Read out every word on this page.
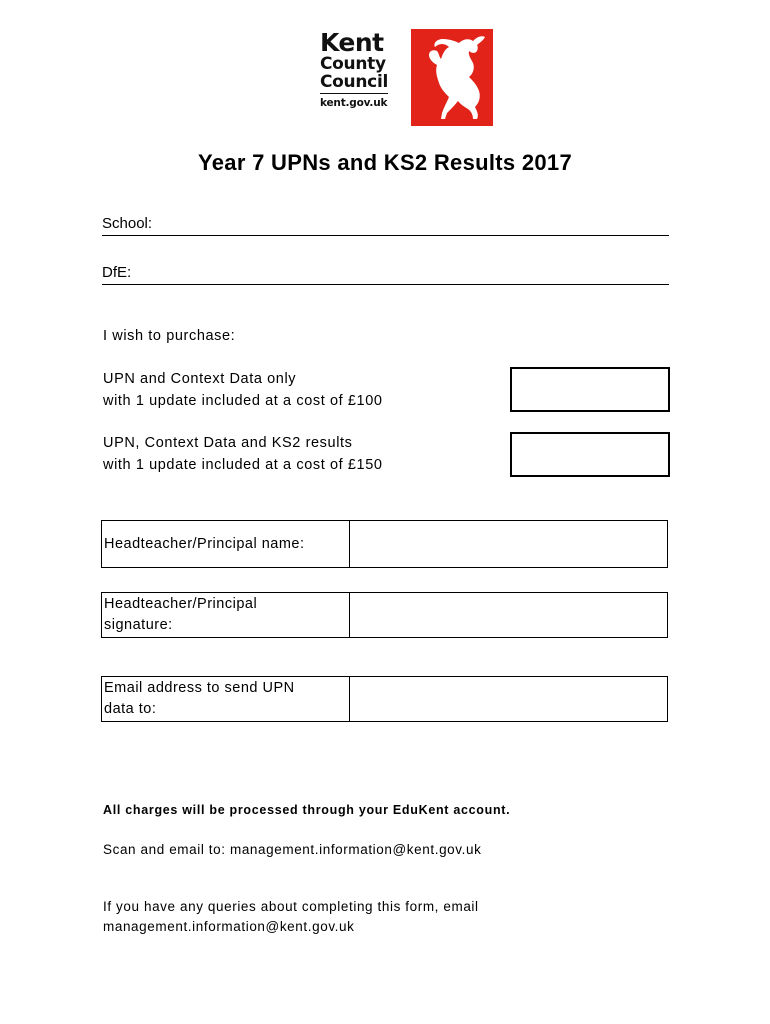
Kent
County
Council
kent.gov.uk
Year 7 UPNs and KS2 Results 2017
School:
DfE:
I wish to purchase:
UPN and Context Data only
with 1 update included at a cost of £100
UPN, Context Data and KS2 results
with 1 update included at a cost of £150
Headteacher/Principal name:
Headteacher/Principal
signature:
Email address to send UPN
data to:
All charges will be processed through your EduKent account.
Scan and email to: management.information@kent.gov.uk
If you have any queries about completing this form, email
management.information@kent.gov.uk
